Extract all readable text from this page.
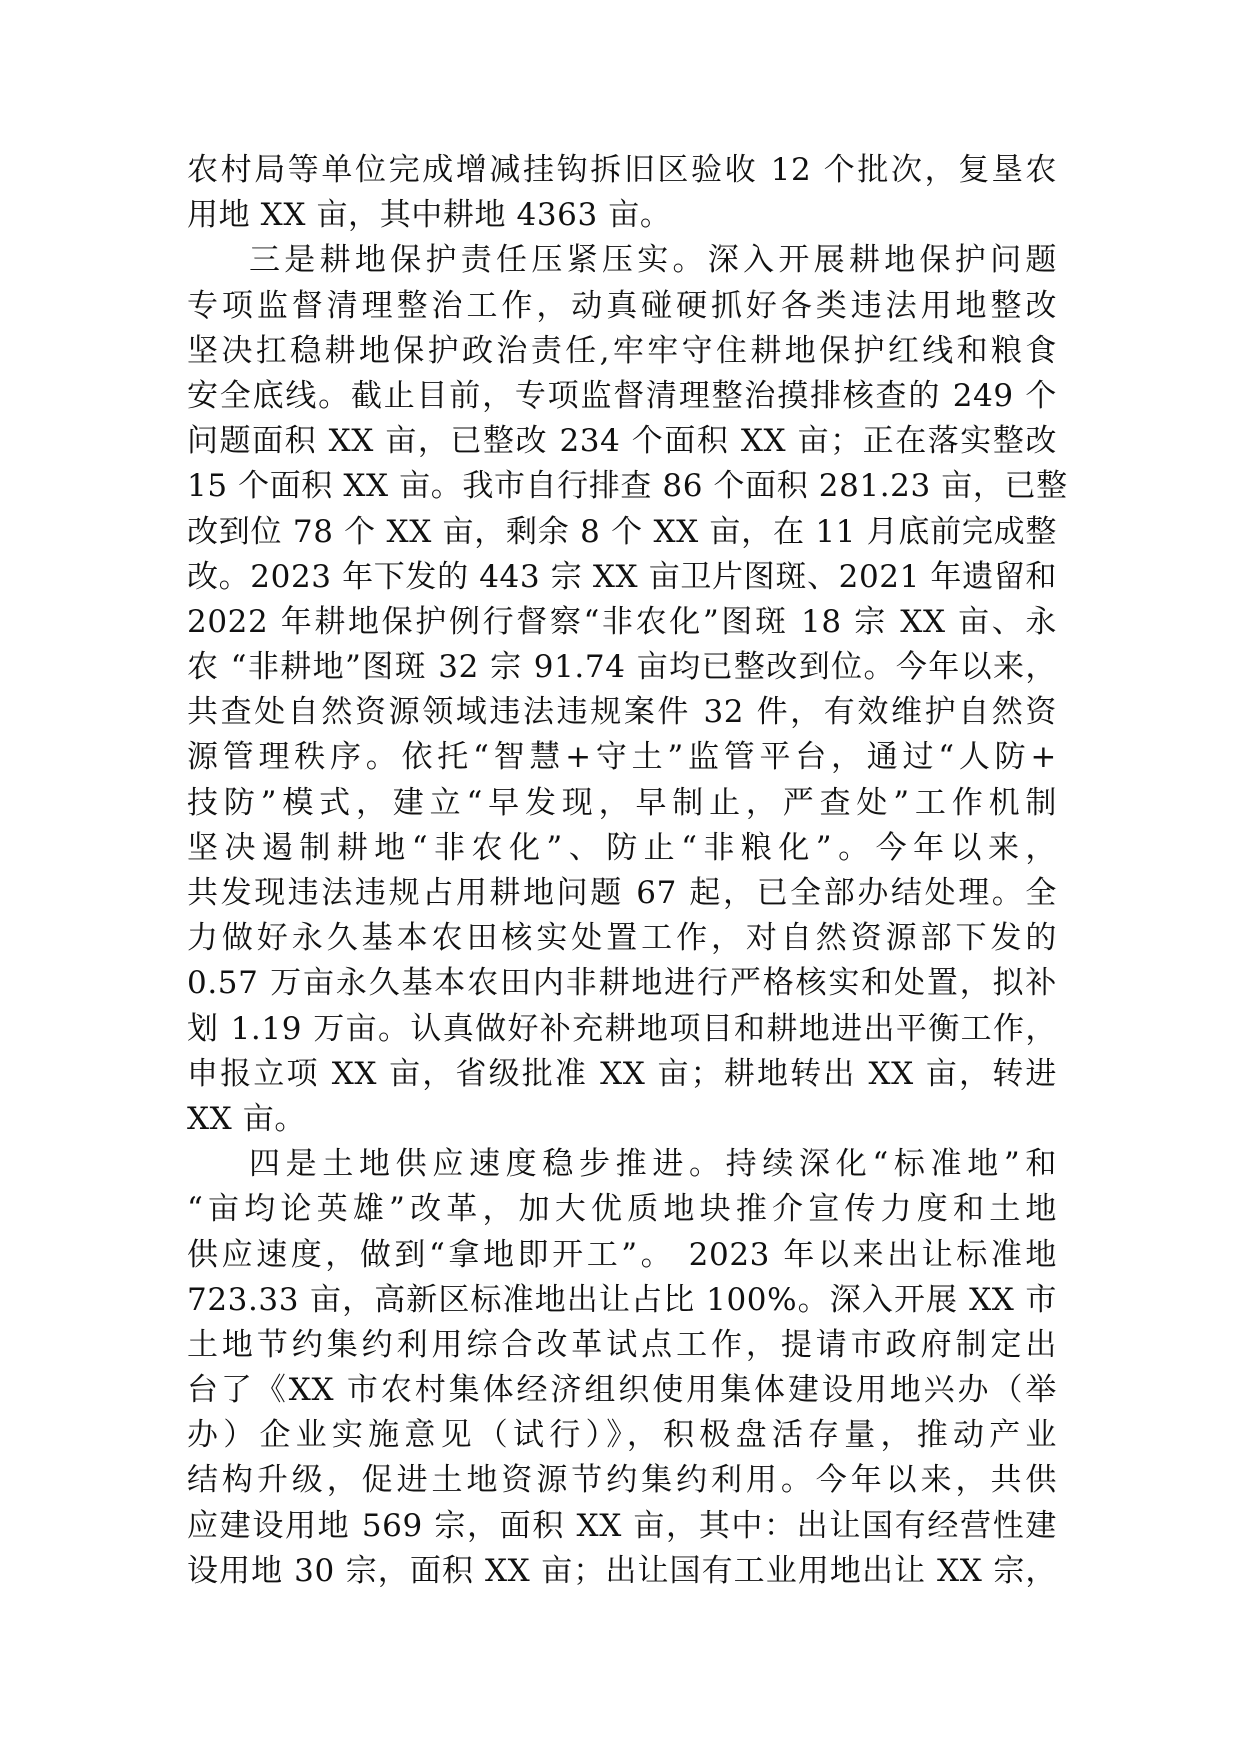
农村局等单位完成增减挂钩拆旧区验收 12 个批次，复垦农
用地 XX 亩，其中耕地 4363 亩。
三是耕地保护责任压紧压实。深入开展耕地保护问题
专项监督清理整治工作，动真碰硬抓好各类违法用地整改
坚决扛稳耕地保护政治责任,牢牢守住耕地保护红线和粮食
安全底线。截止目前，专项监督清理整治摸排核查的 249 个
问题面积 XX 亩，已整改 234 个面积 XX 亩；正在落实整改
15 个面积 XX 亩。我市自行排查 86 个面积 281.23 亩，已整
改到位 78 个 XX 亩，剩余 8 个 XX 亩，在 11 月底前完成整
改。2023 年下发的 443 宗 XX 亩卫片图斑、2021 年遗留和
2022 年耕地保护例行督察“非农化”图斑 18 宗 XX 亩、永
农 “非耕地”图斑 32 宗 91.74 亩均已整改到位。今年以来，
共查处自然资源领域违法违规案件 32 件，有效维护自然资
源管理秩序。依托“智慧+守土”监管平台，通过“人防+
技防”模式，建立“早发现，早制止，严查处”工作机制
坚决遏制耕地“非农化”、防止“非粮化”。今年以来，
共发现违法违规占用耕地问题 67 起，已全部办结处理。全
力做好永久基本农田核实处置工作，对自然资源部下发的
0.57 万亩永久基本农田内非耕地进行严格核实和处置，拟补
划 1.19 万亩。认真做好补充耕地项目和耕地进出平衡工作，
申报立项 XX 亩，省级批准 XX 亩；耕地转出 XX 亩，转进
XX 亩。
四是土地供应速度稳步推进。持续深化“标准地”和
“亩均论英雄”改革，加大优质地块推介宣传力度和土地
供应速度，做到“拿地即开工”。 2023 年以来出让标准地
723.33 亩，高新区标准地出让占比 100%。深入开展 XX 市
土地节约集约利用综合改革试点工作，提请市政府制定出
台了《XX 市农村集体经济组织使用集体建设用地兴办（举
办）企业实施意见（试行）》，积极盘活存量，推动产业
结构升级，促进土地资源节约集约利用。今年以来，共供
应建设用地 569 宗，面积 XX 亩，其中：出让国有经营性建
设用地 30 宗，面积 XX 亩；出让国有工业用地出让 XX 宗，
